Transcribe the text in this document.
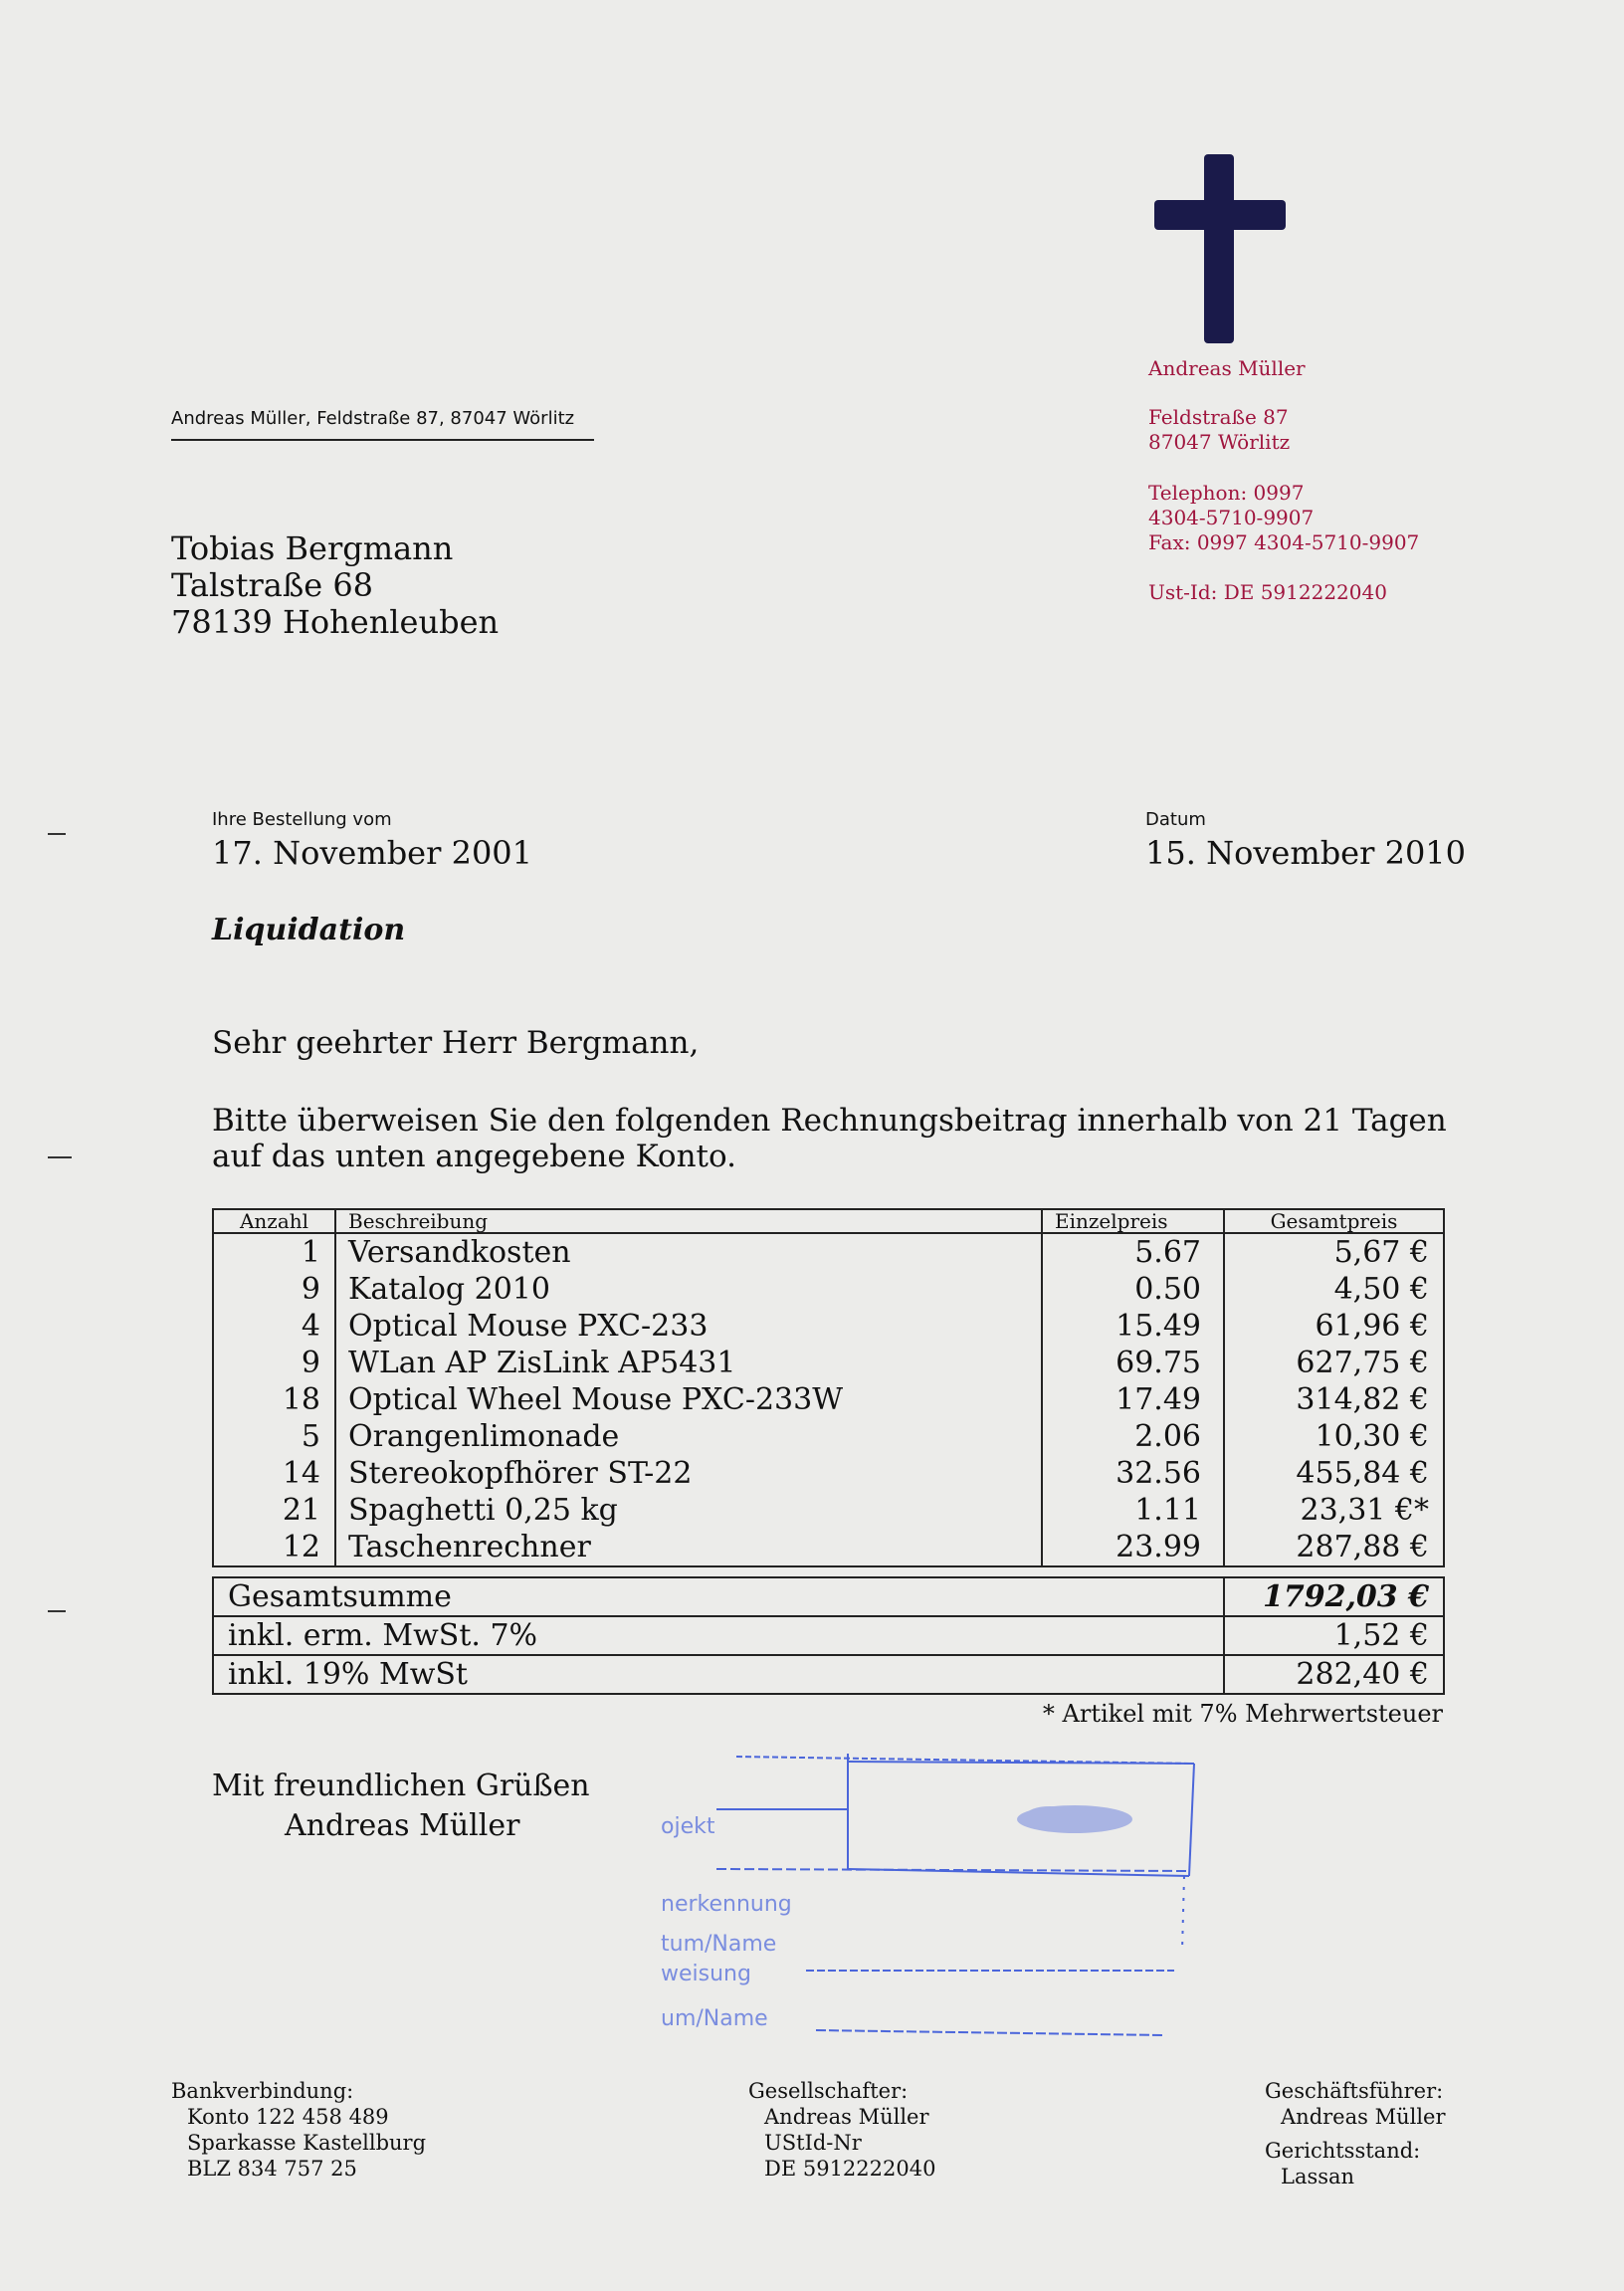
Andreas Müller
Feldstraße 87
87047 Wörlitz
Telephon: 0997
4304-5710-9907
Fax: 0997 4304-5710-9907
Ust-Id: DE 5912222040
Andreas Müller, Feldstraße 87, 87047 Wörlitz
Tobias Bergmann
Talstraße 68
78139 Hohenleuben
Ihre Bestellung vom
17. November 2001
Datum
15. November 2010
Liquidation
Sehr geehrter Herr Bergmann,
Bitte überweisen Sie den folgenden Rechnungsbeitrag innerhalb von 21 Tagen
auf das unten angegebene Konto.
Anzahl	Beschreibung	Einzelpreis	Gesamtpreis
1	Versandkosten	5.67	5,67 €
9	Katalog 2010	0.50	4,50 €
4	Optical Mouse PXC-233	15.49	61,96 €
9	WLan AP ZisLink AP5431	69.75	627,75 €
18	Optical Wheel Mouse PXC-233W	17.49	314,82 €
5	Orangenlimonade	2.06	10,30 €
14	Stereokopfhörer ST-22	32.56	455,84 €
21	Spaghetti 0,25 kg	1.11	23,31 €*
12	Taschenrechner	23.99	287,88 €
Gesamtsumme	1792,03 €
inkl. erm. MwSt. 7%	1,52 €
inkl. 19% MwSt	282,40 €
* Artikel mit 7% Mehrwertsteuer
Mit freundlichen Grüßen
Andreas Müller	ojekt
nerkennung
tum/Name
weisung
um/Name
Bankverbindung:
Konto 122 458 489
Sparkasse Kastellburg
BLZ 834 757 25
Gesellschafter:
Andreas Müller
UStId-Nr
DE 5912222040
Geschäftsführer:
Andreas Müller
Gerichtsstand:
Lassan
